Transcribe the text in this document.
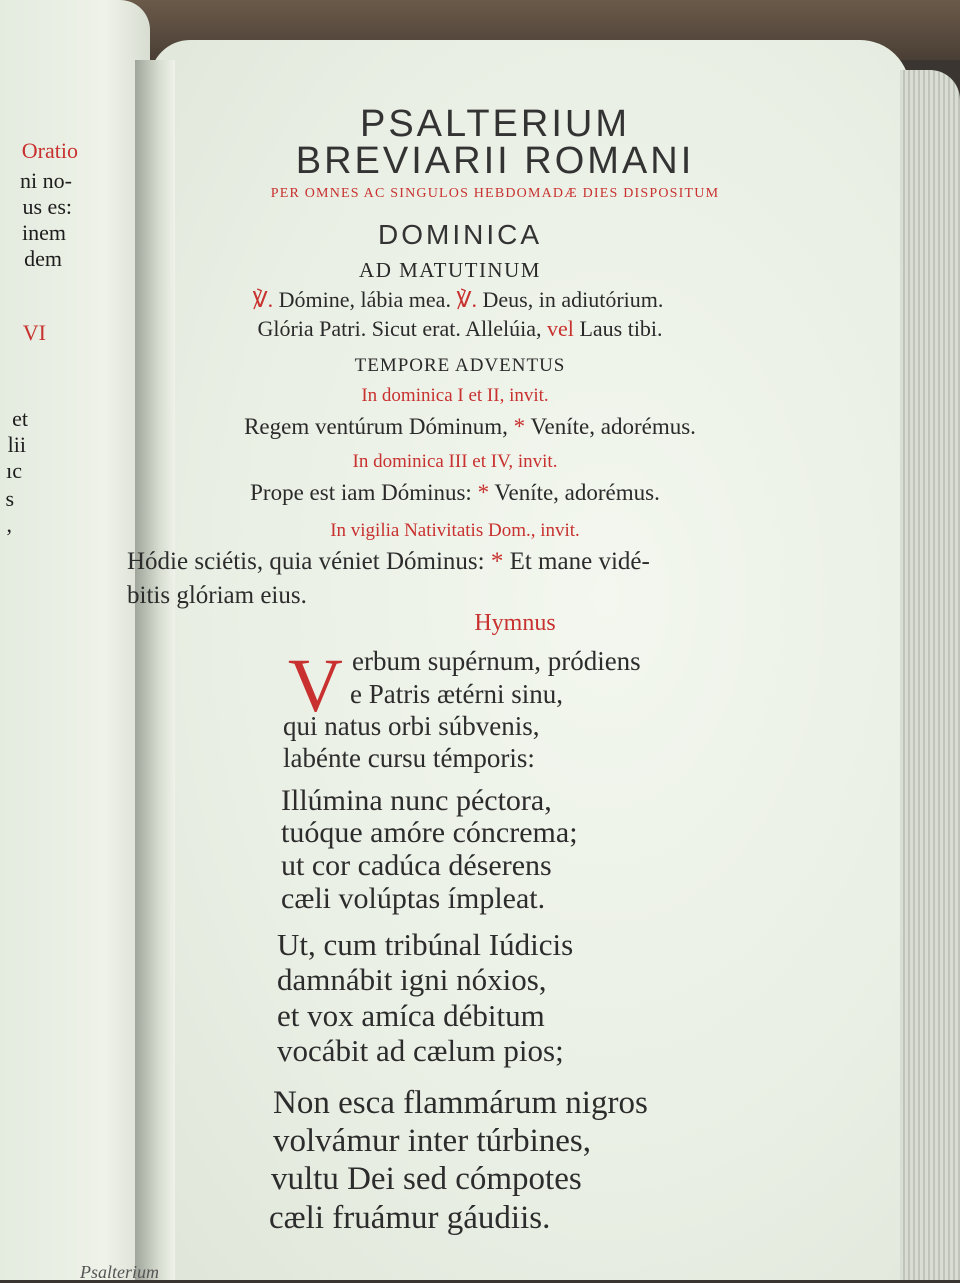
Oratio
ni no-
us es:
inem
dem
VI
et
lii
ıc
s
,
PSALTERIUM
BREVIARII ROMANI
PER OMNES AC SINGULOS HEBDOMADÆ DIES DISPOSITUM
DOMINICA
AD MATUTINUM
℣. Dómine, lábia mea. ℣. Deus, in adiutórium.
Glória Patri. Sicut erat. Allelúia, vel Laus tibi.
TEMPORE ADVENTUS
In dominica I et II, invit.
Regem ventúrum Dóminum, * Veníte, adorémus.
In dominica III et IV, invit.
Prope est iam Dóminus: * Veníte, adorémus.
In vigilia Nativitatis Dom., invit.
Hódie sciétis, quia véniet Dóminus: * Et mane vidé-
bitis glóriam eius.
Hymnus
V erbum supérnum, pródiens
e Patris ætérni sinu,
qui natus orbi súbvenis,
labénte cursu témporis:
Illúmina nunc péctora,
tuóque amóre cóncrema;
ut cor cadúca déserens
cæli volúptas ímpleat.
Ut, cum tribúnal Iúdicis
damnábit igni nóxios,
et vox amíca débitum
vocábit ad cælum pios;
Non esca flammárum nigros
volvámur inter túrbines,
vultu Dei sed cómpotes
cæli fruámur gáudiis.
Psalterium
